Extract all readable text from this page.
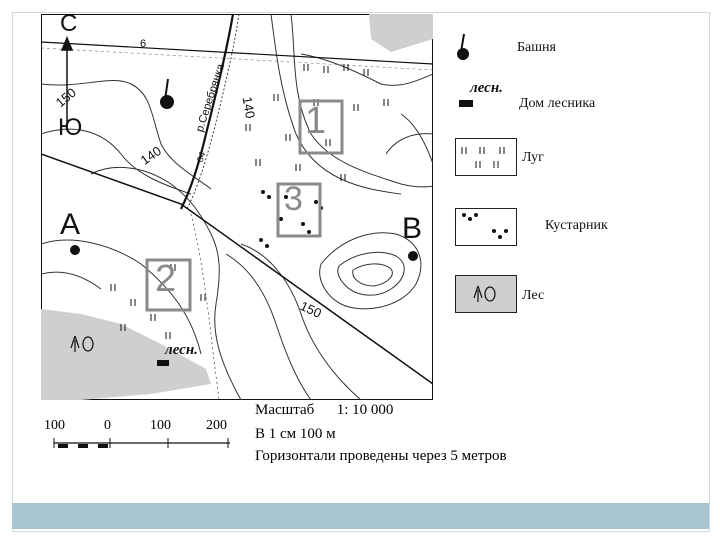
С
Ю
А	В
1
2
3
150
140
140
150
6
р.Серебрянка
04
лесн.
Башня
лесн.
Дом лесника
Луг
Кустарник
Лес
Масштаб 1: 10 000
В 1 см 100 м
Горизонтали проведены через 5 метров
100	0	100	200
